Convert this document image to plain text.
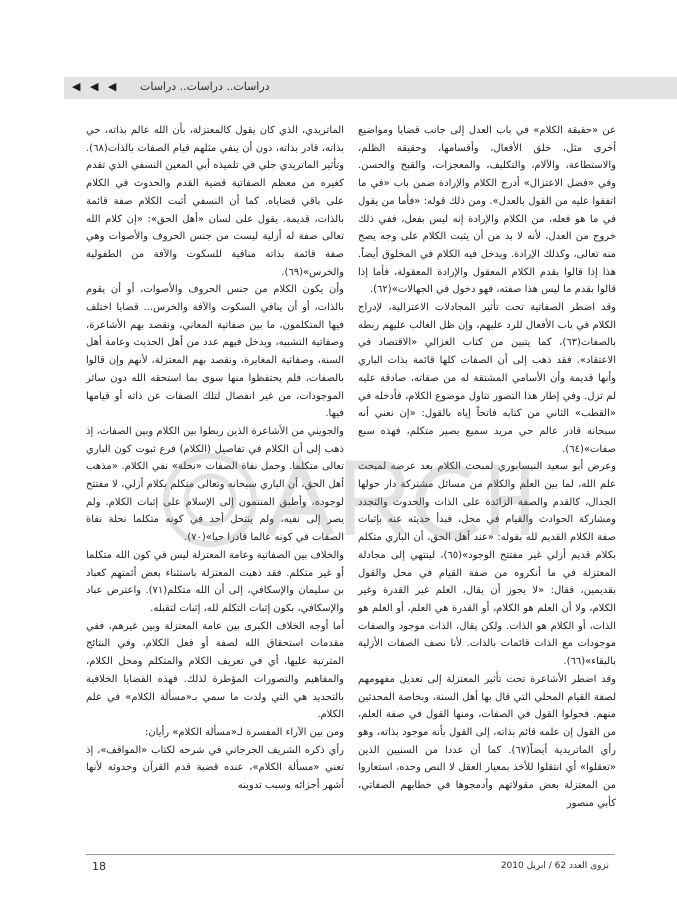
◀ ◀ ◀ دراسات.. دراسات.. دراسات

عن «حقيقة الكلام» في باب العدل إلى جانب قضايا ومواضيع أخرى مثل، خلق الأفعال، وأقسامها، وحقيقة الظلم، والاستطاعة، والآلام، والتكليف، والمعجزات، والقبح والحسن. وفي «فضل الاعتزال» أدرج الكلام والإرادة ضمن باب «في ما اتفقوا عليه من القول بالعدل». ومن ذلك قوله: «فأما من يقول في ما هو فعله، من الكلام والإرادة إنه ليس بفعل، ففي ذلك خروج من العدل، لأنه لا بد من أن يثبت الكلام على وجه يصح منه تعالى، وكذلك الإرادة. ويدخل فيه الكلام في المخلوق أيضاً. هذا إذا قالوا بقدم الكلام المعقول والإرادة المعقولة، فأما إذا قالوا بقدم ما ليس هذا صفته، فهو دخول في الجهالات»(٦٢).

وقد اضطر الصفاتية تحت تأثير المجادلات الاعتزالية، لإدراج الكلام في باب الأفعال للرد عليهم، وإن ظل الغالب عليهم ربطه بالصفات(٦٣)، كما يتبين من كتاب الغزالي «الاقتصاد في الاعتقاد». فقد ذهب إلى أن الصفات كلها قائمة بذات الباري وأنها قديمة وأن الأسامي المشتقة له من صفاته، صادقة عليه لم تزل. وفي إطار هذا التصور تناول موضوع الكلام، فأدخله في «القطب» الثاني من كتابه فاتحاً إياه بالقول: «إن نعني أنه سبحانه قادر عالم حي مريد سميع بصير متكلم، فهذه سبع صفات»(٦٤).

وعرض أبو سعيد النيسابوري لمبحث الكلام بعد عرضه لمبحث علم الله، لما بين العلم والكلام من مسائل مشتركة دار حولها الجدال، كالقدم والصفة الزائدة على الذات والحدوث والتجدد ومشاركة الحوادث والقيام في محل، فبدأ حديثه عنه بإثبات صفة الكلام القديم لله بقوله: «عند أهل الحق، أن الباري متكلم بكلام قديم أزلي غير مفتتح الوجود»(٦٥)، لينتهي إلى مجادلة المعتزلة في ما أنكروه من صفة القيام في محل والقول بقديمين، فقال: «لا يجوز أن يقال، العلم غير القدرة وغير الكلام، ولا أن العلم هو الكلام، أو القدرة هي العلم، أو العلم هو الذات، أو الكلام هو الذات. ولكن يقال، الذات موجود والصفات موجودات مع الذات قائمات بالذات. لأنا نصف الصفات الأزلية بالبقاء»(٦٦).

وقد اضطر الأشاعرة تحت تأثير المعتزلة إلى تعديل مفهومهم لصفة القيام المحلي التي قال بها أهل السنة، وبخاصة المحدثين منهم. فحولوا القول في الصفات، ومنها القول في صفة العلم، من القول إن علمه قائم بذاته، إلى القول بأنه موجود بذاته، وهو رأي الماتريدية أيضاً(٦٧). كما أن عددا من السنيين الذين «تعقلوا» أي انتقلوا للأخذ بمعيار العقل لا النص وحده، استعاروا من المعتزلة بعض مقولاتهم وأدمجوها في خطابهم الصفاتي، كأبي منصور

الماتريدي، الذي كان يقول كالمعتزلة، بأن الله عالم بذاته، حي بذاته، قادر بذاته، دون أن ينفي مثلهم قيام الصفات بالذات(٦٨). وتأثير الماتريدي جلي في تلميذه أبي المعين النسفي الذي تقدم كغيره من معظم الصفاتية قضية القدم والحدوث في الكلام على باقي قضاياه. كما أن النسفي أثبت الكلام صفة قائمة بالذات، قديمة. يقول على لسان «أهل الحق»: «إن كلام الله تعالى صفة له أزلية ليست من جنس الحروف والأصوات وهي صفة قائمة بذاته منافية للسكوت والآفة من الطفولية والخرس»(٦٩).

وأن يكون الكلام من جنس الحروف والأصوات، أو أن يقوم بالذات، أو أن ينافي السكوت والآفة والخرس... قضايا اختلف فيها المتكلمون، ما بين صفاتية المعاني، ونقصد بهم الأشاعرة، وصفاتية التشبيه، ويدخل فيهم عدد من أهل الحديث وعامة أهل السنة، وصفاتية المغايرة، ونقصد بهم المعتزلة، لأنهم وإن قالوا بالصفات، فلم يحتفظوا منها سوى بما استحقه الله دون سائر الموجودات، من غير انفصال لتلك الصفات عن ذاته أو قيامها فيها.

والجويني من الأشاعرة الذين ربطوا بين الكلام وبين الصفات، إذ ذهب إلى أن الكلام في تفاصيل (الكلام) فرع ثبوت كون الباري تعالى متكلما. وحمل نفاة الصفات «نحلة» نفي الكلام. «مذهب أهل الحق، أن الباري سبحانه وتعالى متكلم بكلام أزلي، لا مفتتح لوجوده، وأطبق المنتمون إلى الإسلام على إثبات الكلام. ولم يصر إلى نفيه، ولم ينتحل أحد في كونه متكلما نحلة نفاة الصفات في كونه عالما قادرا حيا»(٧٠).

والخلاف بين الصفاتية وعامة المعتزلة ليس في كون الله متكلما أو غير متكلم. فقد ذهبت المعتزلة باستثناء بعض أئمتهم كعباد بن سليمان والإسكافي، إلى أن الله متكلم(٧١). واعترض عباد والإسكافي، بكون إثبات التكلم لله، إثبات لتقبله.

أما أوجه الخلاف الكبرى بين عامة المعتزلة وبين غيرهم، ففي مقدمات استحقاق الله لصفة أو فعل الكلام، وفي النتائج المترتبة عليها، أي في تعريف الكلام والمتكلم ومحل الكلام، والمفاهيم والتصورات المؤطرة لذلك. فهذه القضايا الخلافية بالتحديد هي التي ولدت ما سمي بـ«مسألة الكلام» في علم الكلام.

ومن بين الآراء المفسرة لـ«مسألة الكلام» رأيان:

رأي ذكره الشريف الجرجاني في شرحه لكتاب «المواقف»، إذ تعني «مسألة الكلام»، عنده قضية قدم القرآن وحدوثه لأنها أشهر أجزائه وسبب تدوينه

18	نزوى العدد 62 / ابريل 2010
